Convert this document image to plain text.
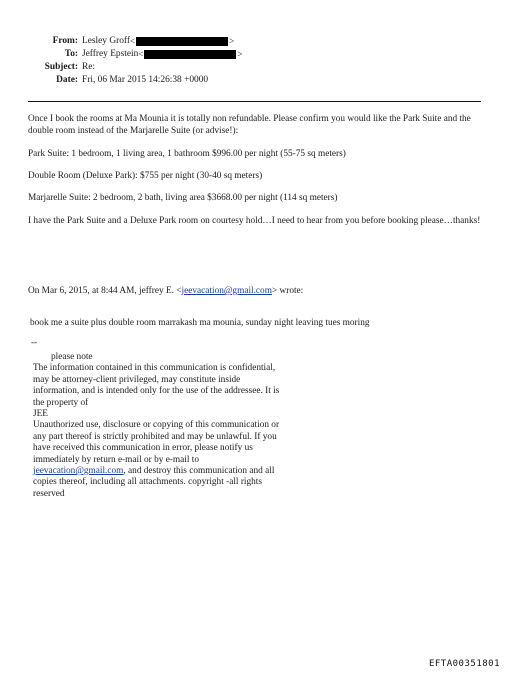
From: Lesley Groff <	>
To: Jeffrey Epstein <	>
Subject: Re:
Date: Fri, 06 Mar 2015 14:26:38 +0000

Once I book the rooms at Ma Mounia it is totally non refundable. Please confirm you would like the Park Suite and the double room instead of the Marjarelle Suite (or advise!):

Park Suite: 1 bedroom, 1 living area, 1 bathroom $996.00 per night (55-75 sq meters)

Double Room (Deluxe Park): $755 per night (30-40 sq meters)

Marjarelle Suite: 2 bedroom, 2 bath, living area $3668.00 per night (114 sq meters)

I have the Park Suite and a Deluxe Park room on courtesy hold…I need to hear from you before booking please…thanks!

On Mar 6, 2015, at 8:44 AM, jeffrey E. <jeevacation@gmail.com> wrote:
book me a suite plus double room marrakash ma mounia, sunday night leaving tues moring
--
please note
The information contained in this communication is confidential, may be attorney-client privileged, may constitute inside information, and is intended only for the use of the addressee. It is the property of
JEE
Unauthorized use, disclosure or copying of this communication or any part thereof is strictly prohibited and may be unlawful. If you have received this communication in error, please notify us immediately by return e-mail or by e-mail to jeevacation@gmail.com, and destroy this communication and all copies thereof, including all attachments. copyright -all rights reserved
EFTA00351801
